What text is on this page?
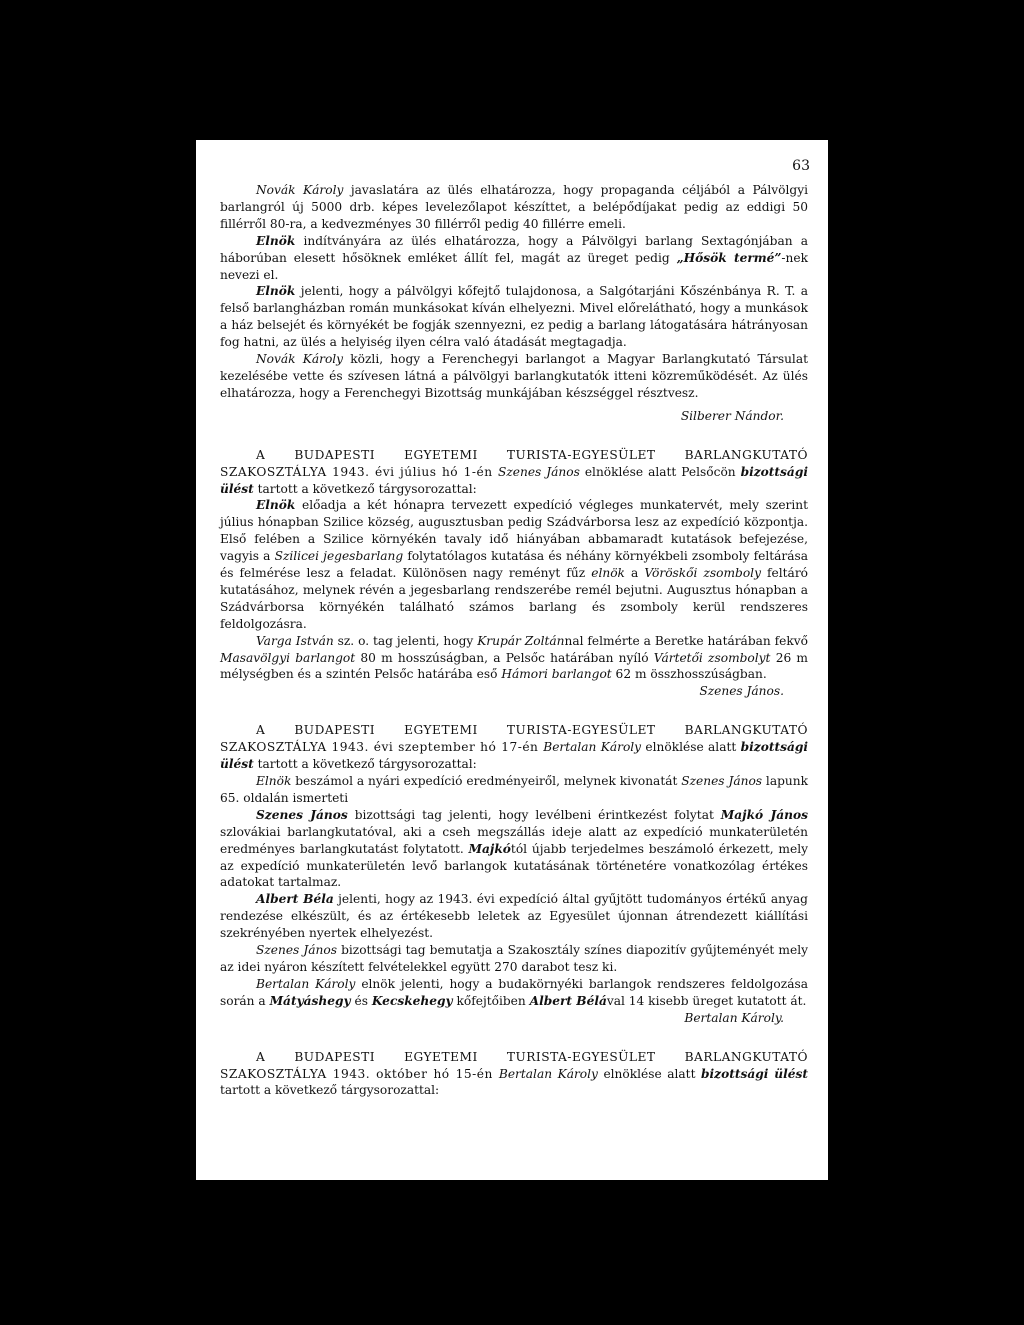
63

Novák Károly javaslatára az ülés elhatározza, hogy propaganda céljából a Pálvölgyi barlangról új 5000 drb. képes levelezőlapot készíttet, a belépődíjakat pedig az eddigi 50 fillérről 80-ra, a kedvezményes 30 fillérről pedig 40 fillérre emeli.

Elnök indítványára az ülés elhatározza, hogy a Pálvölgyi barlang Sextagónjában a háborúban elesett hősöknek emléket állít fel, magát az üreget pedig „Hősök termé”-nek nevezi el.

Elnök jelenti, hogy a pálvölgyi kőfejtő tulajdonosa, a Salgótarjáni Kőszénbánya R. T. a felső barlangházban román munkásokat kíván elhelyezni. Mivel előrelátható, hogy a munkások a ház belsejét és környékét be fogják szennyezni, ez pedig a barlang látogatására hátrányosan fog hatni, az ülés a helyiség ilyen célra való átadását megtagadja.

Novák Károly közli, hogy a Ferenchegyi barlangot a Magyar Barlangkutató Társulat kezelésébe vette és szívesen látná a pálvölgyi barlangkutatók itteni közreműködését. Az ülés elhatározza, hogy a Ferenchegyi Bizottság munkájában készséggel résztvesz.

Silberer Nándor.

A BUDAPESTI EGYETEMI TURISTA-EGYESÜLET BARLANGKUTATÓ SZAKOSZTÁLYA 1943. évi július hó 1-én Szenes János elnöklése alatt Pelsőcön bizottsági ülést tartott a következő tárgysorozattal:

Elnök előadja a két hónapra tervezett expedíció végleges munkatervét, mely szerint július hónapban Szilice község, augusztusban pedig Szádvárborsa lesz az expedíció központja. Első felében a Szilice környékén tavaly idő hiányában abbamaradt kutatások befejezése, vagyis a Szilicei jegesbarlang folytatólagos kutatása és néhány környékbeli zsomboly feltárása és felmérése lesz a feladat. Különösen nagy reményt fűz elnök a Vöröskői zsomboly feltáró kutatásához, melynek révén a jegesbarlang rendszerébe remél bejutni. Augusztus hónapban a Szádvárborsa környékén található számos barlang és zsomboly kerül rendszeres feldolgozásra.

Varga István sz. o. tag jelenti, hogy Krupár Zoltánnal felmérte a Beretke határában fekvő Masavölgyi barlangot 80 m hosszúságban, a Pelsőc határában nyíló Vártetői zsombolyt 26 m mélységben és a szintén Pelsőc határába eső Hámori barlangot 62 m összhosszúságban.

Szenes János.

A BUDAPESTI EGYETEMI TURISTA-EGYESÜLET BARLANGKUTATÓ SZAKOSZTÁLYA 1943. évi szeptember hó 17-én Bertalan Károly elnöklése alatt bizottsági ülést tartott a következő tárgysorozattal:

Elnök beszámol a nyári expedíció eredményeiről, melynek kivonatát Szenes János lapunk 65. oldalán ismerteti

Szenes János bizottsági tag jelenti, hogy levélbeni érintkezést folytat Majkó János szlovákiai barlangkutatóval, aki a cseh megszállás ideje alatt az expedíció munkaterületén eredményes barlangkutatást folytatott. Majkótól újabb terjedelmes beszámoló érkezett, mely az expedíció munkaterületén levő barlangok kutatásának történetére vonatkozólag értékes adatokat tartalmaz.

Albert Béla jelenti, hogy az 1943. évi expedíció által gyűjtött tudományos értékű anyag rendezése elkészült, és az értékesebb leletek az Egyesület újonnan átrendezett kiállítási szekrényében nyertek elhelyezést.

Szenes János bizottsági tag bemutatja a Szakosztály színes diapozitív gyűjteményét mely az idei nyáron készített felvételekkel együtt 270 darabot tesz ki.

Bertalan Károly elnök jelenti, hogy a budakörnyéki barlangok rendszeres feldolgozása során a Mátyáshegy és Kecskehegy kőfejtőiben Albert Bélával 14 kisebb üreget kutatott át.

Bertalan Károly.

A BUDAPESTI EGYETEMI TURISTA-EGYESÜLET BARLANGKUTATÓ SZAKOSZTÁLYA 1943. október hó 15-én Bertalan Károly elnöklése alatt bizottsági ülést tartott a következő tárgysorozattal:
